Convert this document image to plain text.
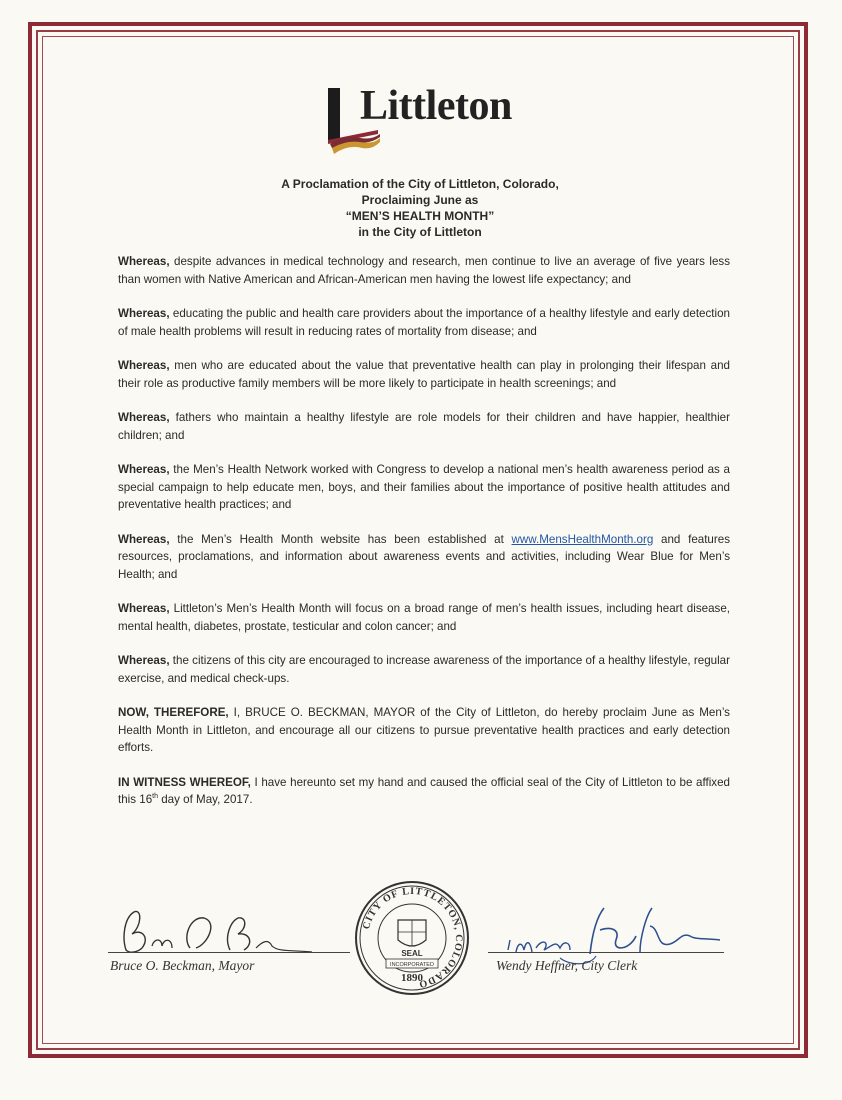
Littleton
A Proclamation of the City of Littleton, Colorado,
Proclaiming June as
“MEN’S HEALTH MONTH”
in the City of Littleton

Whereas, despite advances in medical technology and research, men continue to live an average of five years less than women with Native American and African-American men having the lowest life expectancy; and

Whereas, educating the public and health care providers about the importance of a healthy lifestyle and early detection of male health problems will result in reducing rates of mortality from disease; and

Whereas, men who are educated about the value that preventative health can play in prolonging their lifespan and their role as productive family members will be more likely to participate in health screenings; and

Whereas, fathers who maintain a healthy lifestyle are role models for their children and have happier, healthier children; and

Whereas, the Men’s Health Network worked with Congress to develop a national men’s health awareness period as a special campaign to help educate men, boys, and their families about the importance of positive health attitudes and preventative health practices; and

Whereas, the Men’s Health Month website has been established at www.MensHealthMonth.org and features resources, proclamations, and information about awareness events and activities, including Wear Blue for Men’s Health; and

Whereas, Littleton’s Men’s Health Month will focus on a broad range of men’s health issues, including heart disease, mental health, diabetes, prostate, testicular and colon cancer; and

Whereas, the citizens of this city are encouraged to increase awareness of the importance of a healthy lifestyle, regular exercise, and medical check-ups.

NOW, THEREFORE, I, BRUCE O. BECKMAN, MAYOR of the City of Littleton, do hereby proclaim June as Men’s Health Month in Littleton, and encourage all our citizens to pursue preventative health practices and early detection efforts.

IN WITNESS WHEREOF, I have hereunto set my hand and caused the official seal of the City of Littleton to be affixed this 16th day of May, 2017.

Bruce O. Beckman, Mayor
CITY OF LITTLETON, COLORADO
SEAL
INCORPORATED
1890
Wendy Heffner, City Clerk
